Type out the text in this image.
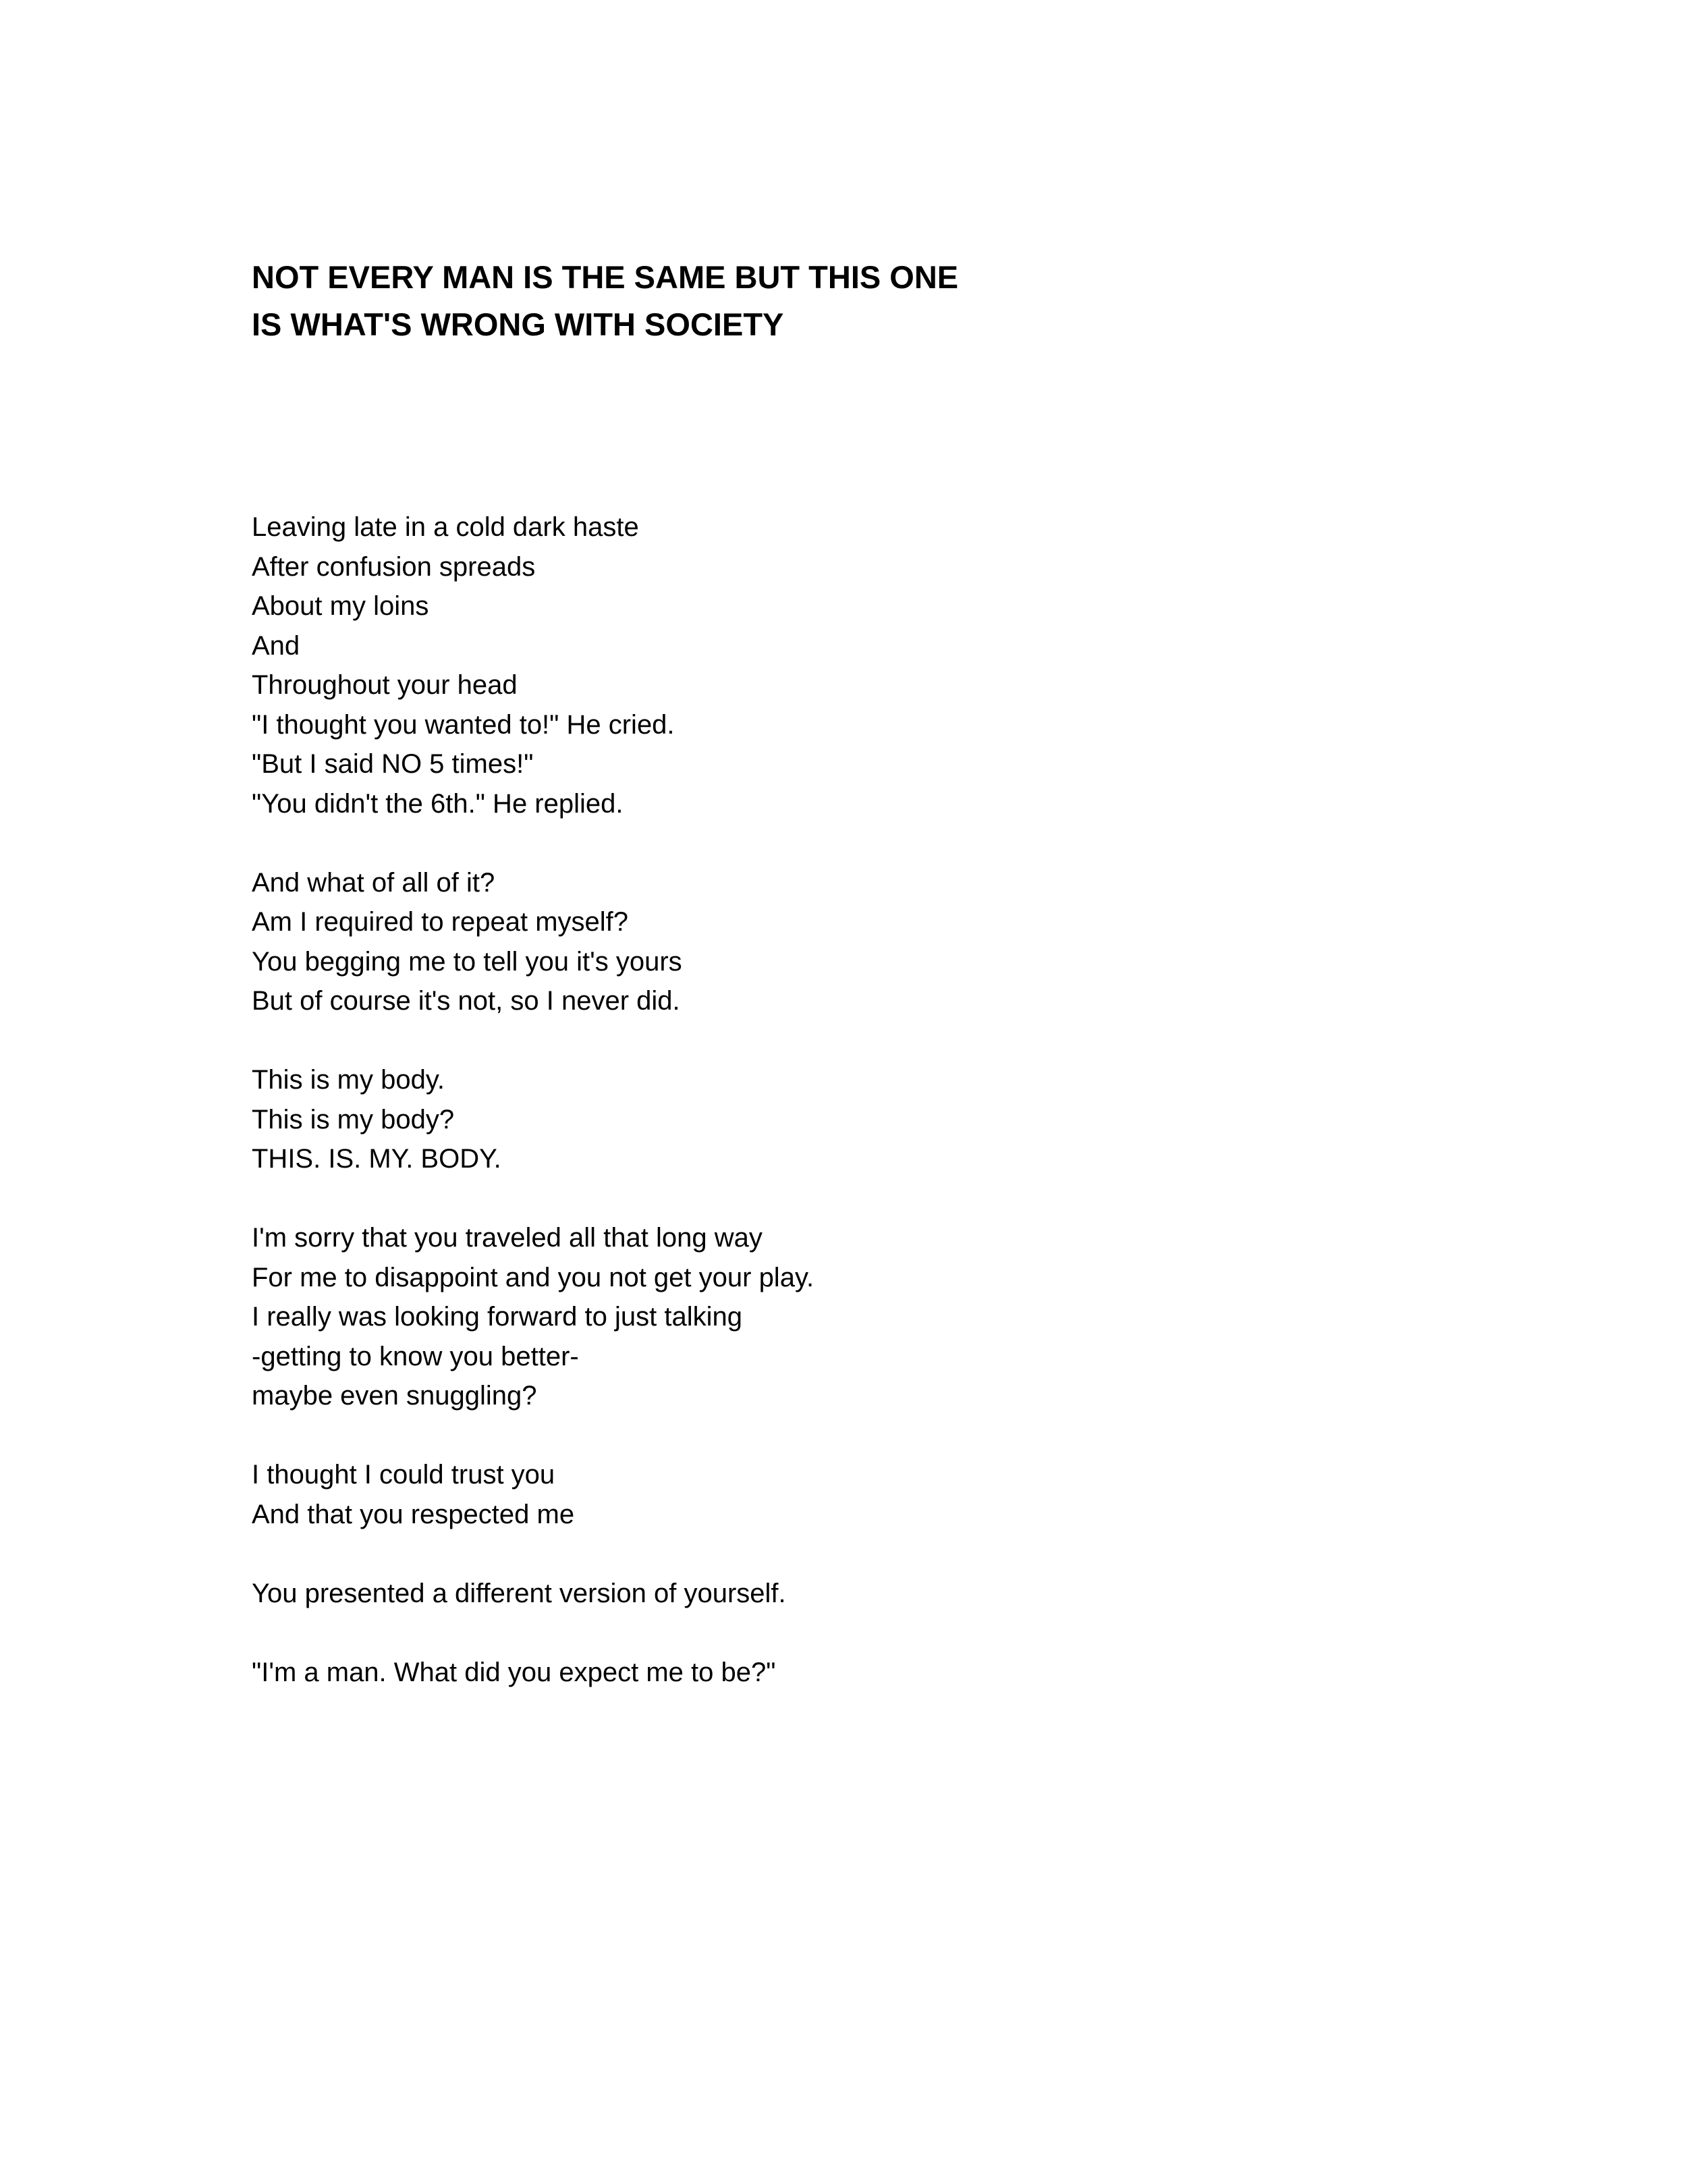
NOT EVERY MAN IS THE SAME BUT THIS ONE
IS WHAT'S WRONG WITH SOCIETY
Leaving late in a cold dark haste
After confusion spreads
About my loins
And
Throughout your head
"I thought you wanted to!" He cried.
"But I said NO 5 times!"
"You didn't the 6th." He replied.
And what of all of it?
Am I required to repeat myself?
You begging me to tell you it's yours
But of course it's not, so I never did.
This is my body.
This is my body?
THIS. IS. MY. BODY.
I'm sorry that you traveled all that long way
For me to disappoint and you not get your play.
I really was looking forward to just talking
-getting to know you better-
maybe even snuggling?
I thought I could trust you
And that you respected me
You presented a different version of yourself.
"I'm a man. What did you expect me to be?"
